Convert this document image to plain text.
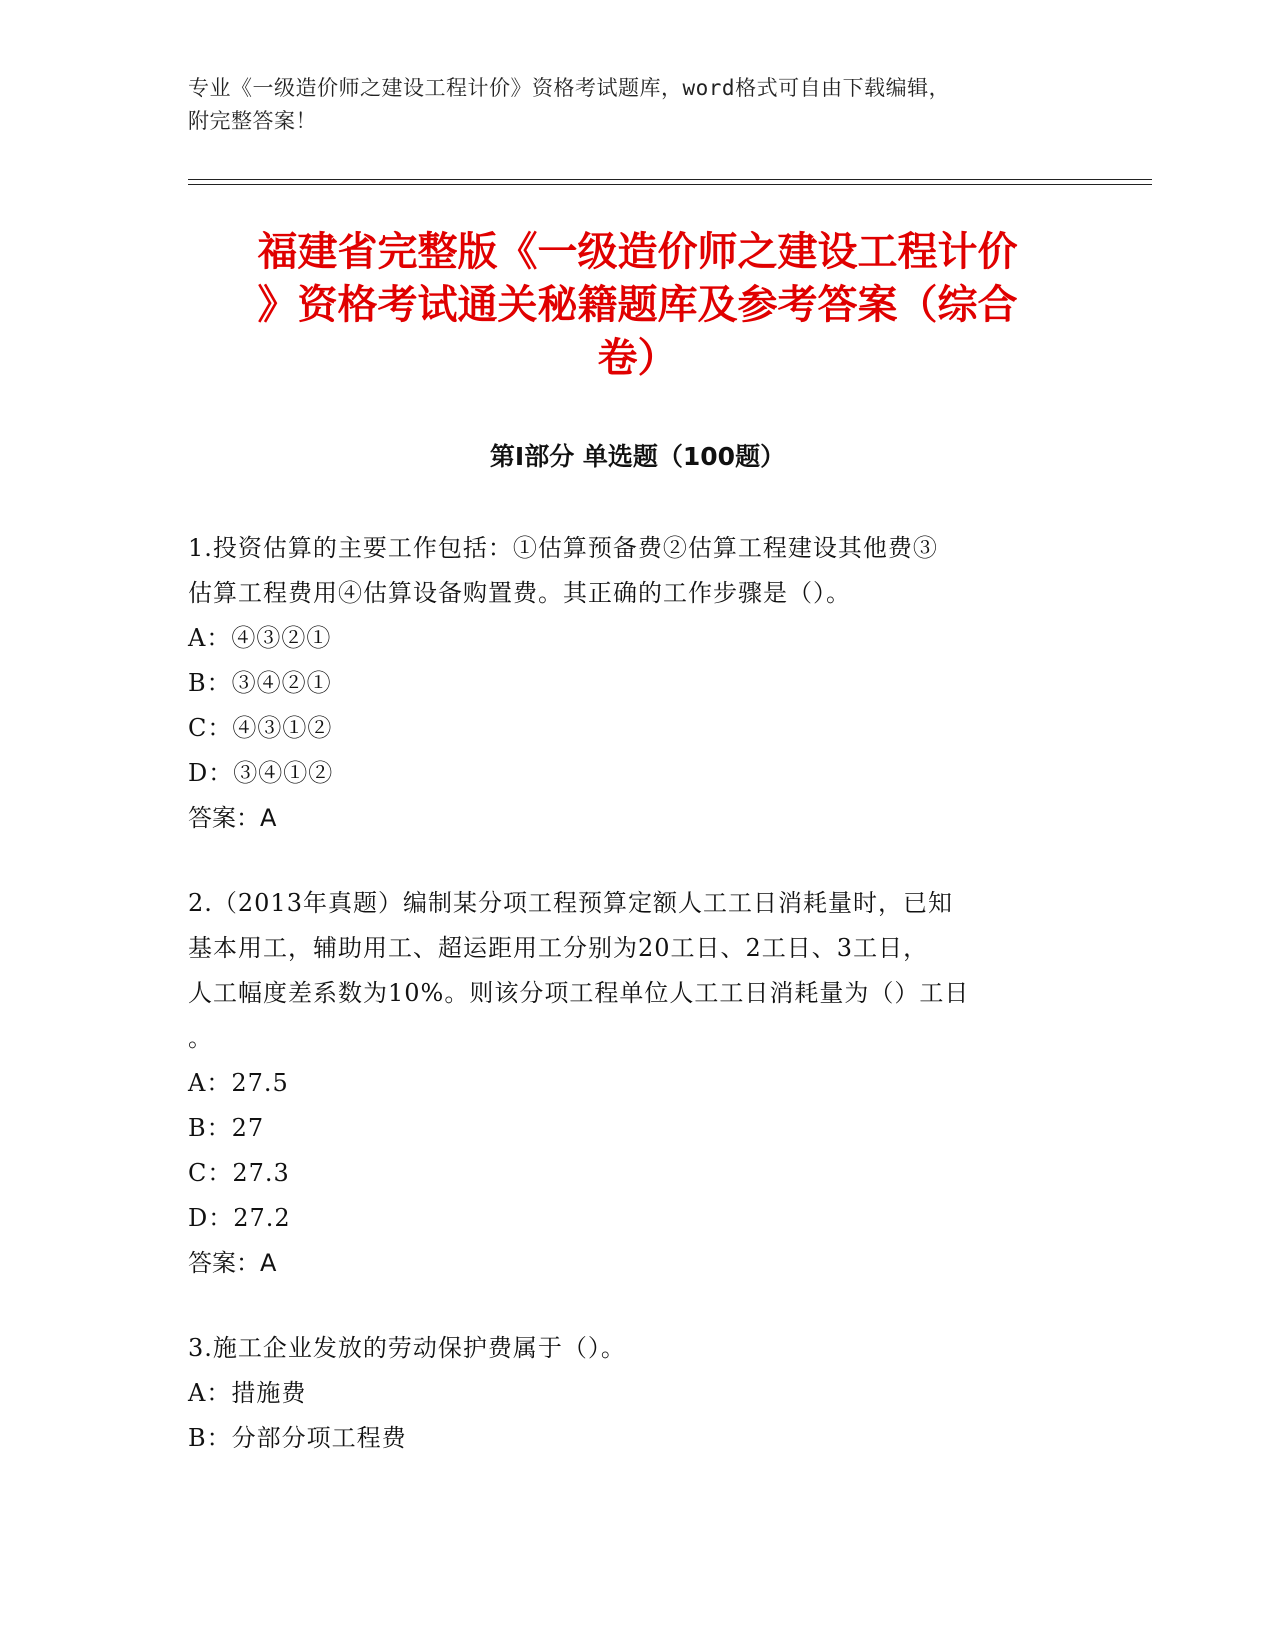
专业《一级造价师之建设工程计价》资格考试题库，word格式可自由下载编辑，
附完整答案！
福建省完整版《一级造价师之建设工程计价
》资格考试通关秘籍题库及参考答案（综合
卷）
第Ⅰ部分 单选题（100题）

1.投资估算的主要工作包括：①估算预备费②估算工程建设其他费③

估算工程费用④估算设备购置费。其正确的工作步骤是（）。

A：④③②①

B：③④②①

C：④③①②

D：③④①②

答案：A

2.（2013年真题）编制某分项工程预算定额人工工日消耗量时，已知

基本用工，辅助用工、超运距用工分别为20工日、2工日、3工日，

人工幅度差系数为10%。则该分项工程单位人工工日消耗量为（）工日

。

A：27.5

B：27

C：27.3

D：27.2

答案：A

3.施工企业发放的劳动保护费属于（）。

A：措施费

B：分部分项工程费
